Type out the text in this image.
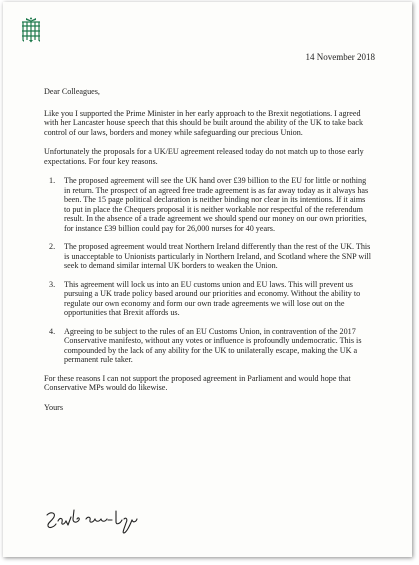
14 November 2018

Dear Colleagues,

Like you I supported the Prime Minister in her early approach to the Brexit negotiations. I agreed with her Lancaster house speech that this should be built around the ability of the UK to take back control of our laws, borders and money while safeguarding our precious Union.

Unfortunately the proposals for a UK/EU agreement released today do not match up to those early expectations. For four key reasons.

1. The proposed agreement will see the UK hand over £39 billion to the EU for little or nothing in return. The prospect of an agreed free trade agreement is as far away today as it always has been. The 15 page political declaration is neither binding nor clear in its intentions. If it aims to put in place the Chequers proposal it is neither workable nor respectful of the referendum result. In the absence of a trade agreement we should spend our money on our own priorities, for instance £39 billion could pay for 26,000 nurses for 40 years.
2. The proposed agreement would treat Northern Ireland differently than the rest of the UK. This is unacceptable to Unionists particularly in Northern Ireland, and Scotland where the SNP will seek to demand similar internal UK borders to weaken the Union.
3. This agreement will lock us into an EU customs union and EU laws. This will prevent us pursuing a UK trade policy based around our priorities and economy. Without the ability to regulate our own economy and form our own trade agreements we will lose out on the opportunities that Brexit affords us.
4. Agreeing to be subject to the rules of an EU Customs Union, in contravention of the 2017 Conservative manifesto, without any votes or influence is profoundly undemocratic. This is compounded by the lack of any ability for the UK to unilaterally escape, making the UK a permanent rule taker.

For these reasons I can not support the proposed agreement in Parliament and would hope that Conservative MPs would do likewise.

Yours
